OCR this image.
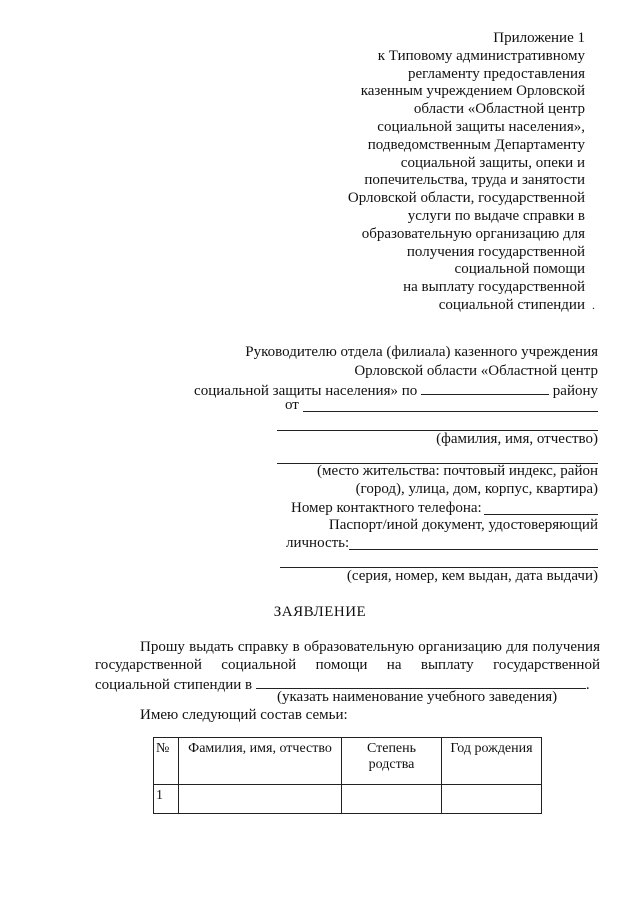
Приложение 1
к Типовому административному
регламенту предоставления
казенным учреждением Орловской
области «Областной центр
социальной защиты населения»,
подведомственным Департаменту
социальной защиты, опеки и
попечительства, труда и занятости
Орловской области, государственной
услуги по выдаче справки в
образовательную организацию для
получения государственной
социальной помощи
на выплату государственной
социальной стипендии .
Руководителю отдела (филиала) казенного учреждения
Орловской области «Областной центр
социальной защиты населения» по	району
от
(фамилия, имя, отчество)
(место жительства: почтовый индекс, район
(город), улица, дом, корпус, квартира)
Номер контактного телефона:
Паспорт/иной документ, удостоверяющий
личность:
(серия, номер, кем выдан, дата выдачи)
ЗАЯВЛЕНИЕ
Прошу выдать справку в образовательную организацию для получения государственной социальной помощи на выплату государственной социальной стипендии в	.
(указать наименование учебного заведения)
Имею следующий состав семьи:
№	Фамилия, имя, отчество	Степень родства	Год рождения
1			
